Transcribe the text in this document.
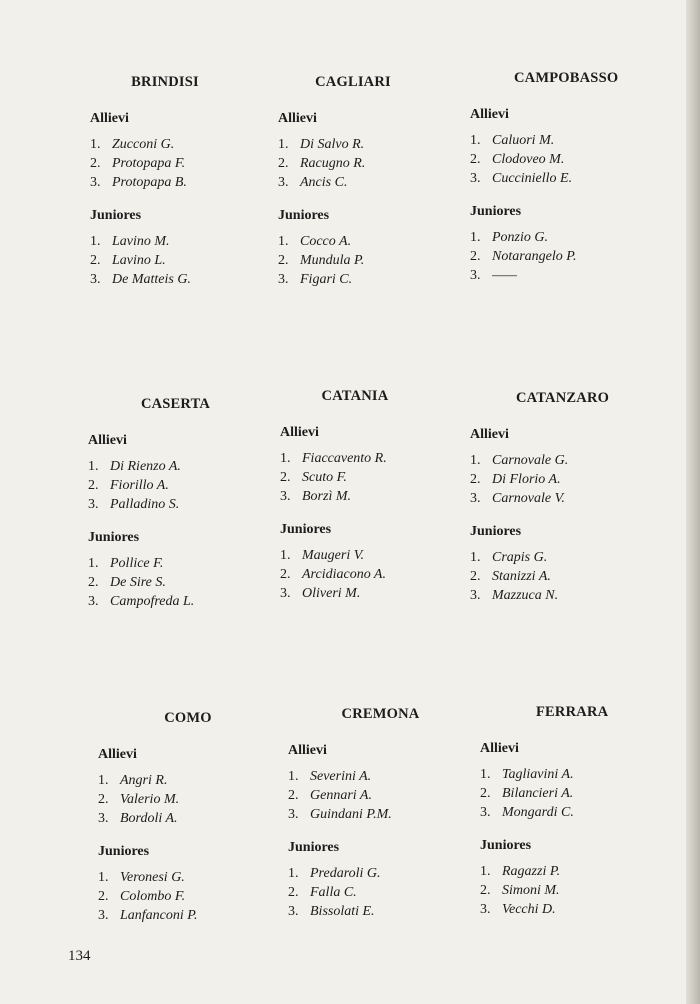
BRINDISI

Allievi

1. Zucconi G.
2. Protopapa F.
3. Protopapa B.

Juniores

1. Lavino M.
2. Lavino L.
3. De Matteis G.

CAGLIARI

Allievi

1. Di Salvo R.
2. Racugno R.
3. Ancis C.

Juniores

1. Cocco A.
2. Mundula P.
3. Figari C.

CAMPOBASSO

Allievi

1. Caluori M.
2. Clodoveo M.
3. Cucciniello E.

Juniores

1. Ponzio G.
2. Notarangelo P.
3. ——

CASERTA

Allievi

1. Di Rienzo A.
2. Fiorillo A.
3. Palladino S.

Juniores

1. Pollice F.
2. De Sire S.
3. Campofreda L.

CATANIA

Allievi

1. Fiaccavento R.
2. Scuto F.
3. Borzì M.

Juniores

1. Maugeri V.
2. Arcidiacono A.
3. Oliveri M.

CATANZARO

Allievi

1. Carnovale G.
2. Di Florio A.
3. Carnovale V.

Juniores

1. Crapis G.
2. Stanizzi A.
3. Mazzuca N.

COMO

Allievi

1. Angri R.
2. Valerio M.
3. Bordoli A.

Juniores

1. Veronesi G.
2. Colombo F.
3. Lanfanconi P.

CREMONA

Allievi

1. Severini A.
2. Gennari A.
3. Guindani P.M.

Juniores

1. Predaroli G.
2. Falla C.
3. Bissolati E.

FERRARA

Allievi

1. Tagliavini A.
2. Bilancieri A.
3. Mongardi C.

Juniores

1. Ragazzi P.
2. Simoni M.
3. Vecchi D.
134
